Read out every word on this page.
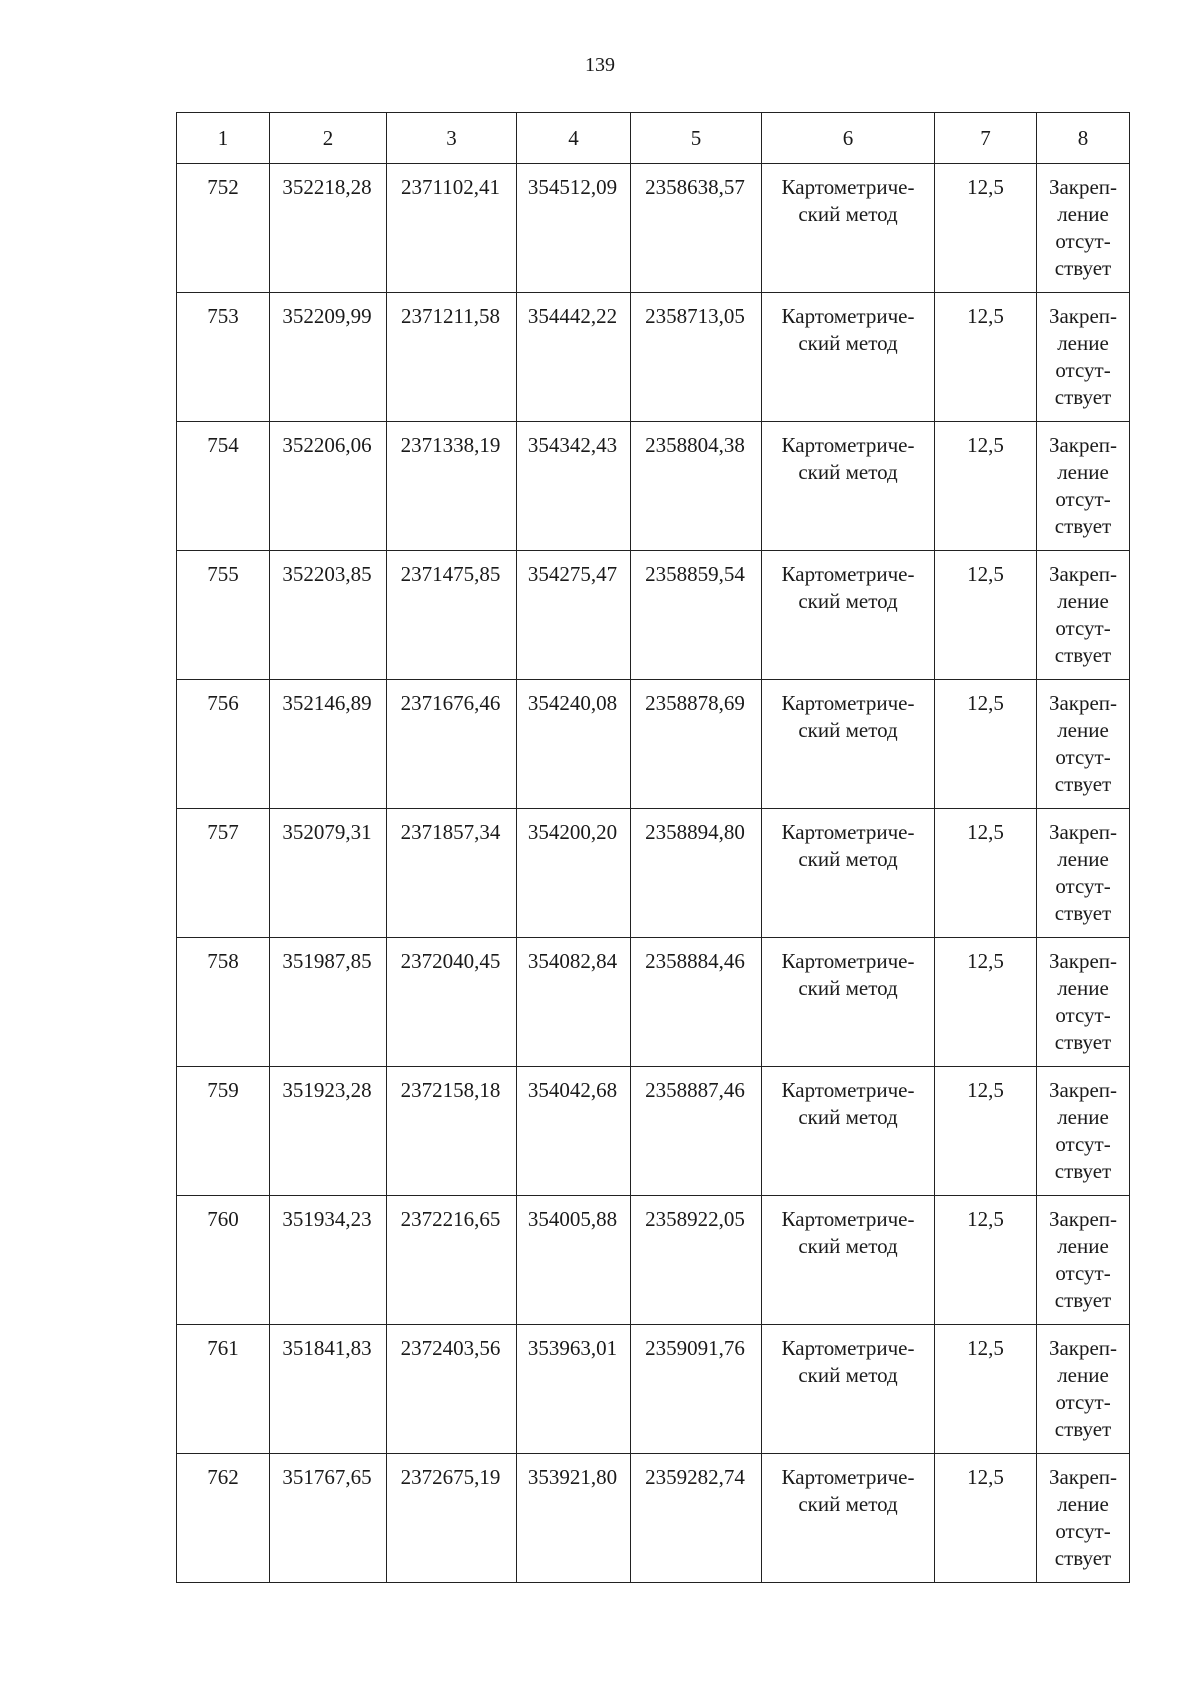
139
1	2	3	4	5	6	7	8
752	352218,28	2371102,41	354512,09	2358638,57	Картометриче-
ский метод	12,5	Закреп-
ление
отсут-
ствует

753	352209,99	2371211,58	354442,22	2358713,05	Картометриче-
ский метод	12,5	Закреп-
ление
отсут-
ствует

754	352206,06	2371338,19	354342,43	2358804,38	Картометриче-
ский метод	12,5	Закреп-
ление
отсут-
ствует

755	352203,85	2371475,85	354275,47	2358859,54	Картометриче-
ский метод	12,5	Закреп-
ление
отсут-
ствует

756	352146,89	2371676,46	354240,08	2358878,69	Картометриче-
ский метод	12,5	Закреп-
ление
отсут-
ствует

757	352079,31	2371857,34	354200,20	2358894,80	Картометриче-
ский метод	12,5	Закреп-
ление
отсут-
ствует

758	351987,85	2372040,45	354082,84	2358884,46	Картометриче-
ский метод	12,5	Закреп-
ление
отсут-
ствует

759	351923,28	2372158,18	354042,68	2358887,46	Картометриче-
ский метод	12,5	Закреп-
ление
отсут-
ствует

760	351934,23	2372216,65	354005,88	2358922,05	Картометриче-
ский метод	12,5	Закреп-
ление
отсут-
ствует

761	351841,83	2372403,56	353963,01	2359091,76	Картометриче-
ский метод	12,5	Закреп-
ление
отсут-
ствует

762	351767,65	2372675,19	353921,80	2359282,74	Картометриче-
ский метод	12,5	Закреп-
ление
отсут-
ствует
